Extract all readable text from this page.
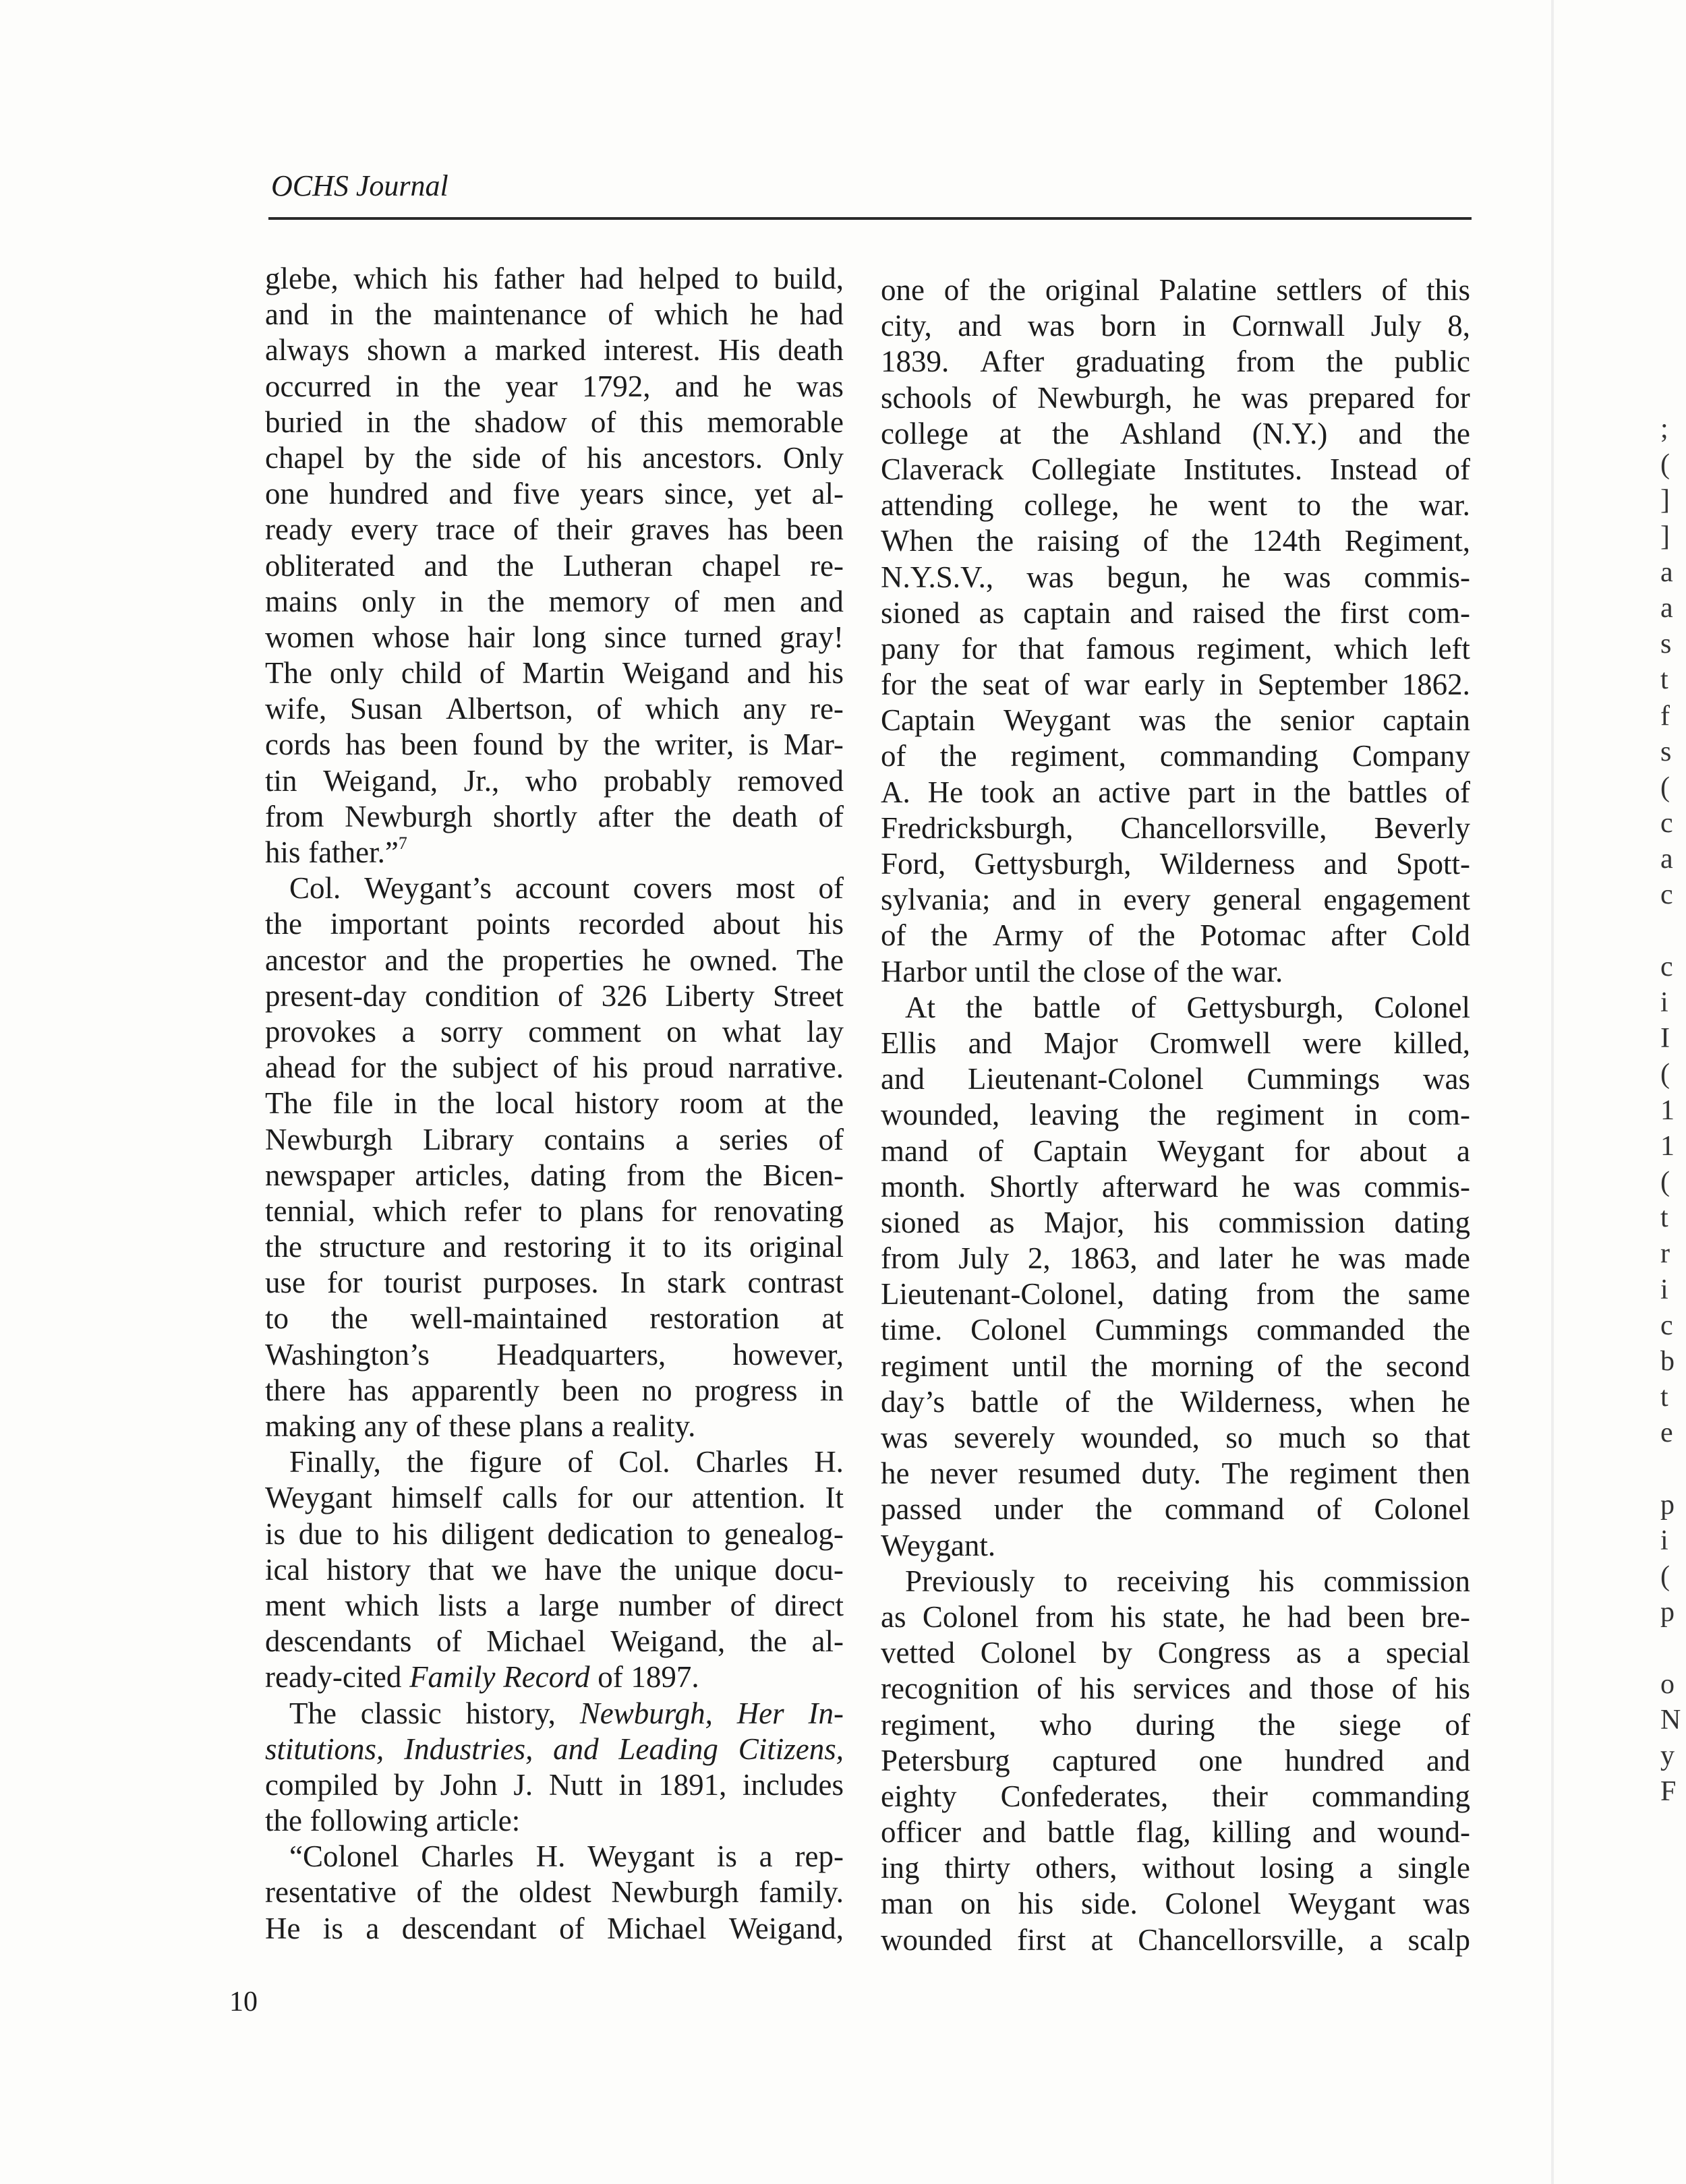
OCHS Journal
glebe, which his father had helped to build,
and in the maintenance of which he had
always shown a marked interest. His death
occurred in the year 1792, and he was
buried in the shadow of this memorable
chapel by the side of his ancestors. Only
one hundred and five years since, yet al-
ready every trace of their graves has been
obliterated and the Lutheran chapel re-
mains only in the memory of men and
women whose hair long since turned gray!
The only child of Martin Weigand and his
wife, Susan Albertson, of which any re-
cords has been found by the writer, is Mar-
tin Weigand, Jr., who probably removed
from Newburgh shortly after the death of
his father.”$^7$
Col. Weygant’s account covers most of
the important points recorded about his
ancestor and the properties he owned. The
present-day condition of 326 Liberty Street
provokes a sorry comment on what lay
ahead for the subject of his proud narrative.
The file in the local history room at the
Newburgh Library contains a series of
newspaper articles, dating from the Bicen-
tennial, which refer to plans for renovating
the structure and restoring it to its original
use for tourist purposes. In stark contrast
to the well-maintained restoration at
Washington’s Headquarters, however,
there has apparently been no progress in
making any of these plans a reality.
Finally, the figure of Col. Charles H.
Weygant himself calls for our attention. It
is due to his diligent dedication to genealog-
ical history that we have the unique docu-
ment which lists a large number of direct
descendants of Michael Weigand, the al-
ready-cited Family Record of 1897.
The classic history, Newburgh, Her In-
stitutions, Industries, and Leading Citizens,
compiled by John J. Nutt in 1891, includes
the following article:
“Colonel Charles H. Weygant is a rep-
resentative of the oldest Newburgh family.
He is a descendant of Michael Weigand,
one of the original Palatine settlers of this
city, and was born in Cornwall July 8,
1839. After graduating from the public
schools of Newburgh, he was prepared for
college at the Ashland (N.Y.) and the
Claverack Collegiate Institutes. Instead of
attending college, he went to the war.
When the raising of the 124th Regiment,
N.Y.S.V., was begun, he was commis-
sioned as captain and raised the first com-
pany for that famous regiment, which left
for the seat of war early in September 1862.
Captain Weygant was the senior captain
of the regiment, commanding Company
A. He took an active part in the battles of
Fredricksburgh, Chancellorsville, Beverly
Ford, Gettysburgh, Wilderness and Spott-
sylvania; and in every general engagement
of the Army of the Potomac after Cold
Harbor until the close of the war.
At the battle of Gettysburgh, Colonel
Ellis and Major Cromwell were killed,
and Lieutenant-Colonel Cummings was
wounded, leaving the regiment in com-
mand of Captain Weygant for about a
month. Shortly afterward he was commis-
sioned as Major, his commission dating
from July 2, 1863, and later he was made
Lieutenant-Colonel, dating from the same
time. Colonel Cummings commanded the
regiment until the morning of the second
day’s battle of the Wilderness, when he
was severely wounded, so much so that
he never resumed duty. The regiment then
passed under the command of Colonel
Weygant.
Previously to receiving his commission
as Colonel from his state, he had been bre-
vetted Colonel by Congress as a special
recognition of his services and those of his
regiment, who during the siege of
Petersburg captured one hundred and
eighty Confederates, their commanding
officer and battle flag, killing and wound-
ing thirty others, without losing a single
man on his side. Colonel Weygant was
wounded first at Chancellorsville, a scalp
10
;
(
]
]
a
a
s
t
f
s
(
c
a
c
c
i
I
(
1
1
(
t
r
i
c
b
t
e
p
i
(
p
o
N
y
F
